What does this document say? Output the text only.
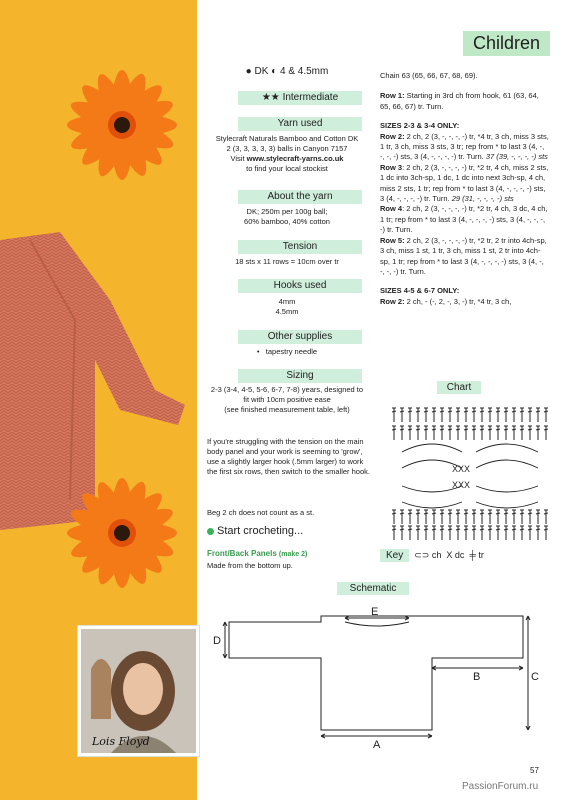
Lois Floyd
Children
● DK ◐ 4 & 4.5mm
★★ Intermediate
Yarn used
Stylecraft Naturals Bamboo and Cotton DK
2 (3, 3, 3, 3, 3) balls in Canyon 7157
Visit www.stylecraft-yarns.co.uk
to find your local stockist
About the yarn
DK; 250m per 100g ball;
60% bamboo, 40% cotton
Tension
18 sts x 11 rows = 10cm over tr
Hooks used
4mm
4.5mm
Other supplies
• tapestry needle
Sizing
2-3 (3-4, 4-5, 5-6, 6-7, 7-8) years, designed to
fit with 10cm positive ease
(see finished measurement table, left)
If you're struggling with the tension on the main body panel and your work is seeming to 'grow', use a slightly larger hook (.5mm larger) to work the first six rows, then switch to the smaller hook.
Beg 2 ch does not count as a st.
Start crocheting...
Front/Back Panels (make 2)
Made from the bottom up.
Chain 63 (65, 66, 67, 68, 69).
Row 1: Starting in 3rd ch from hook, 61 (63, 64, 65, 66, 67) tr. Turn.
SIZES 2-3 & 3-4 ONLY:
Row 2: 2 ch, 2 (3, -, -, -, -) tr, *4 tr, 3 ch, miss 3 sts, 1 tr, 3 ch, miss 3 sts, 3 tr; rep from * to last 3 (4, -, -, -, -) sts, 3 (4, -, -, -, -) tr. Turn. 37 (39, -, -, -, -) sts
Row 3: 2 ch, 2 (3, -, -, -, -) tr, *2 tr, 4 ch, miss 2 sts, 1 dc into 3ch-sp, 1 dc, 1 dc into next 3ch-sp, 4 ch, miss 2 sts, 1 tr; rep from * to last 3 (4, -, -, -, -) sts, 3 (4, -, -, -, -) tr. Turn. 29 (31, -, -, -, -) sts
Row 4: 2 ch, 2 (3, -, -, -, -) tr, *2 tr, 4 ch, 3 dc, 4 ch, 1 tr; rep from * to last 3 (4, -, -, -, -) sts, 3 (4, -, -, -, -) tr. Turn.
Row 5: 2 ch, 2 (3, -, -, -, -) tr, *2 tr, 2 tr into 4ch-sp, 3 ch, miss 1 st, 1 tr, 3 ch, miss 1 st, 2 tr into 4ch-sp, 1 tr; rep from * to last 3 (4, -, -, -, -) sts, 3 (4, -, -, -, -) tr. Turn.
SIZES 4-5 & 6-7 ONLY:
Row 2: 2 ch, - (-, 2, -, 3, -) tr, *4 tr, 3 ch,
Chart
XXX
XXX
Key ⊂⊃ ch X dc ╪ tr
Schematic
E
D
B	C
A
57
PassionForum.ru
